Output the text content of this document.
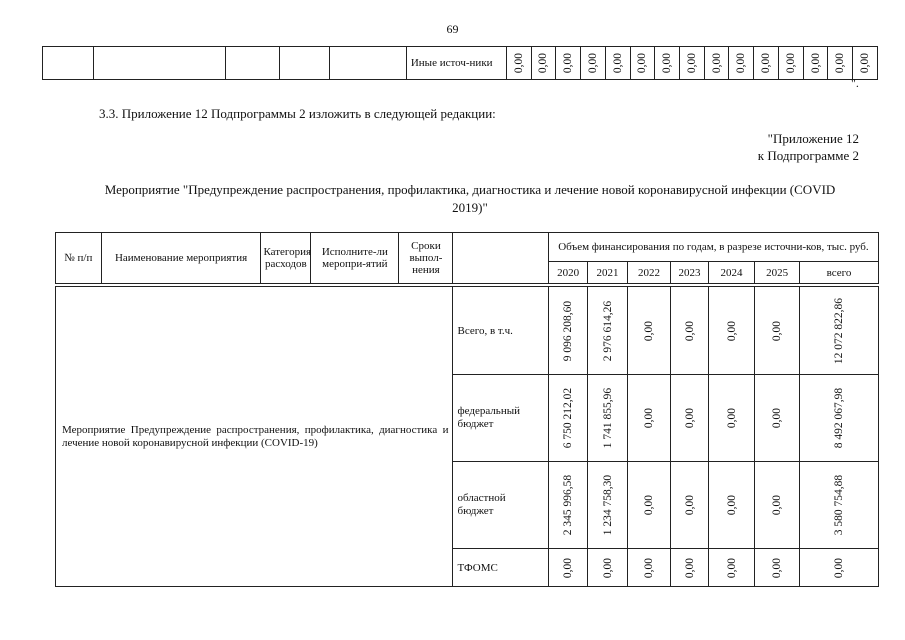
69
					Иные источ-ники	0,00	0,00	0,00	0,00	0,00	0,00	0,00	0,00	0,00	0,00	0,00	0,00	0,00	0,00	0,00
".
3.3. Приложение 12 Подпрограммы 2 изложить в следующей редакции:
"Приложение 12
к Подпрограмме 2
Мероприятие "Предупреждение распространения, профилактика, диагностика и лечение новой коронавирусной инфекции (COVID 2019)"
№ п/п	Наименование мероприятия	Категория расходов	Исполните-ли меропри-ятий	Сроки выпол-нения		Объем финансирования по годам, в разрезе источни-ков, тыс. руб.						
						2020	2021	2022	2023	2024	2025	всего
Мероприятие Предупреждение распространения, профилактика, диагностика и лечение новой коронавирусной инфекции (COVID-19)	Всего, в т.ч.	9 096 208,60	2 976 614,26	0,00	0,00	0,00	0,00	12 072 822,86

	федеральный бюджет	6 750 212,02	1 741 855,96	0,00	0,00	0,00	0,00	8 492 067,98

	областной бюджет	2 345 996,58	1 234 758,30	0,00	0,00	0,00	0,00	3 580 754,88

	ТФОМС	0,00	0,00	0,00	0,00	0,00	0,00	0,00
